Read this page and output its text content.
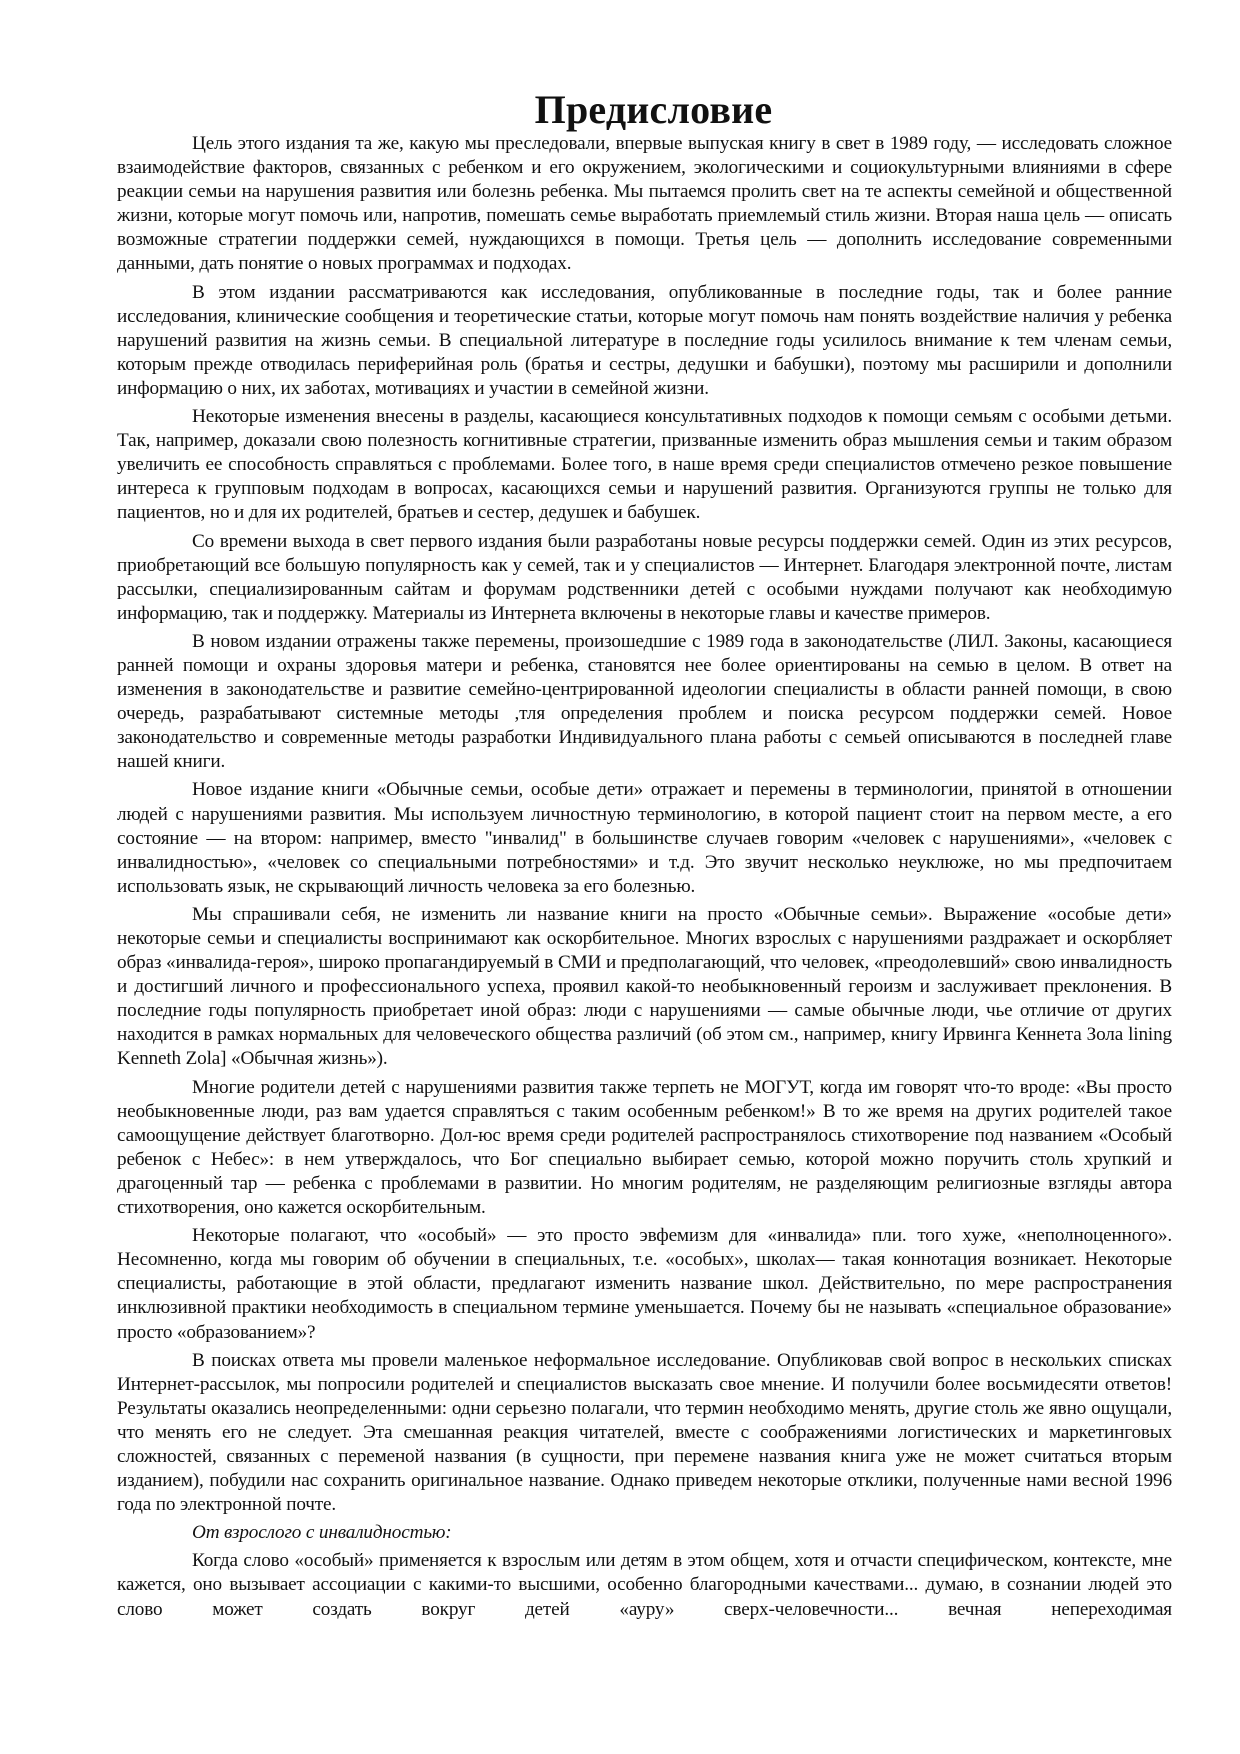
Предисловие

Цель этого издания та же, какую мы преследовали, впервые выпуская книгу в свет в 1989 году, — исследовать сложное взаимодействие факторов, связанных с ребенком и его окружением, экологическими и социокультурными влияниями в сфере реакции семьи на нарушения развития или болезнь ребенка. Мы пытаемся пролить свет на те аспекты семейной и общественной жизни, которые могут помочь или, напротив, помешать семье выработать приемлемый стиль жизни. Вторая наша цель — описать возможные стратегии поддержки семей, нуждающихся в помощи. Третья цель — дополнить исследование современными данными, дать понятие о новых программах и подходах.

В этом издании рассматриваются как исследования, опубликованные в последние годы, так и более ранние исследования, клинические сообщения и теоретические статьи, которые могут помочь нам понять воздействие наличия у ребенка нарушений развития на жизнь семьи. В специальной литературе в последние годы усилилось внимание к тем членам семьи, которым прежде отводилась периферийная роль (братья и сестры, дедушки и бабушки), поэтому мы расширили и дополнили информацию о них, их заботах, мотивациях и участии в семейной жизни.

Некоторые изменения внесены в разделы, касающиеся консультативных подходов к помощи семьям с особыми детьми. Так, например, доказали свою полезность когнитивные стратегии, призванные изменить образ мышления семьи и таким образом увеличить ее способность справляться с проблемами. Более того, в наше время среди специалистов отмечено резкое повышение интереса к групповым подходам в вопросах, касающихся семьи и нарушений развития. Организуются группы не только для пациентов, но и для их родителей, братьев и сестер, дедушек и бабушек.

Со времени выхода в свет первого издания были разработаны новые ресурсы поддержки семей. Один из этих ресурсов, приобретающий все большую популярность как у семей, так и у специалистов — Интернет. Благодаря электронной почте, листам рассылки, специализированным сайтам и форумам родственники детей с особыми нуждами получают как необходимую информацию, так и поддержку. Материалы из Интернета включены в некоторые главы и качестве примеров.

В новом издании отражены также перемены, произошедшие с 1989 года в законодательстве (ЛИЛ. Законы, касающиеся ранней помощи и охраны здоровья матери и ребенка, становятся нее более ориентированы на семью в целом. В ответ на изменения в законодательстве и развитие семейно-центрированной идеологии специалисты в области ранней помощи, в свою очередь, разрабатывают системные методы ,тля определения проблем и поиска ресурсом поддержки семей. Новое законодательство и современные методы разработки Индивидуального плана работы с семьей описываются в последней главе нашей книги.

Новое издание книги «Обычные семьи, особые дети» отражает и перемены в терминологии, принятой в отношении людей с нарушениями развития. Мы используем личностную терминологию, в которой пациент стоит на первом месте, а его состояние — на втором: например, вместо "инвалид" в большинстве случаев говорим «человек с нарушениями», «человек с инвалидностью», «человек со специальными потребностями» и т.д. Это звучит несколько неуклюже, но мы предпочитаем использовать язык, не скрывающий личность человека за его болезнью.

Мы спрашивали себя, не изменить ли название книги на просто «Обычные семьи». Выражение «особые дети» некоторые семьи и специалисты воспринимают как оскорбительное. Многих взрослых с нарушениями раздражает и оскорбляет образ «инвалида-героя», широко пропагандируемый в СМИ и предполагающий, что человек, «преодолевший» свою инвалидность и достигший личного и профессионального успеха, проявил какой-то необыкновенный героизм и заслуживает преклонения. В последние годы популярность приобретает иной образ: люди с нарушениями — самые обычные люди, чье отличие от других находится в рамках нормальных для человеческого общества различий (об этом см., например, книгу Ирвинга Кеннета Зола lining Kenneth Zola] «Обычная жизнь»).

Многие родители детей с нарушениями развития также терпеть не МОГУТ, когда им говорят что-то вроде: «Вы просто необыкновенные люди, раз вам удается справляться с таким особенным ребенком!» В то же время на других родителей такое самоощущение действует благотворно. Дол-юс время среди родителей распространялось стихотворение под названием «Особый ребенок с Небес»: в нем утверждалось, что Бог специально выбирает семью, которой можно поручить столь хрупкий и драгоценный тар — ребенка с проблемами в развитии. Но многим родителям, не разделяющим религиозные взгляды автора стихотворения, оно кажется оскорбительным.

Некоторые полагают, что «особый» — это просто эвфемизм для «инвалида» пли. того хуже, «неполноценного». Несомненно, когда мы говорим об обучении в специальных, т.е. «особых», школах— такая коннотация возникает. Некоторые специалисты, работающие в этой области, предлагают изменить название школ. Действительно, по мере распространения инклюзивной практики необходимость в специальном термине уменьшается. Почему бы не называть «специальное образование» просто «образованием»?

В поисках ответа мы провели маленькое неформальное исследование. Опубликовав свой вопрос в нескольких списках Интернет-рассылок, мы попросили родителей и специалистов высказать свое мнение. И получили более восьмидесяти ответов! Результаты оказались неопределенными: одни серьезно полагали, что термин необходимо менять, другие столь же явно ощущали, что менять его не следует. Эта смешанная реакция читателей, вместе с соображениями логистических и маркетинговых сложностей, связанных с переменой названия (в сущности, при перемене названия книга уже не может считаться вторым изданием), побудили нас сохранить оригинальное название. Однако приведем некоторые отклики, полученные нами весной 1996 года по электронной почте.

От взрослого с инвалидностью:

Когда слово «особый» применяется к взрослым или детям в этом общем, хотя и отчасти специфическом, контексте, мне кажется, оно вызывает ассоциации с какими-то высшими, особенно благородными качествами... думаю, в сознании людей это слово может создать вокруг детей «ауру» сверх-человечности... вечная непереходимая
